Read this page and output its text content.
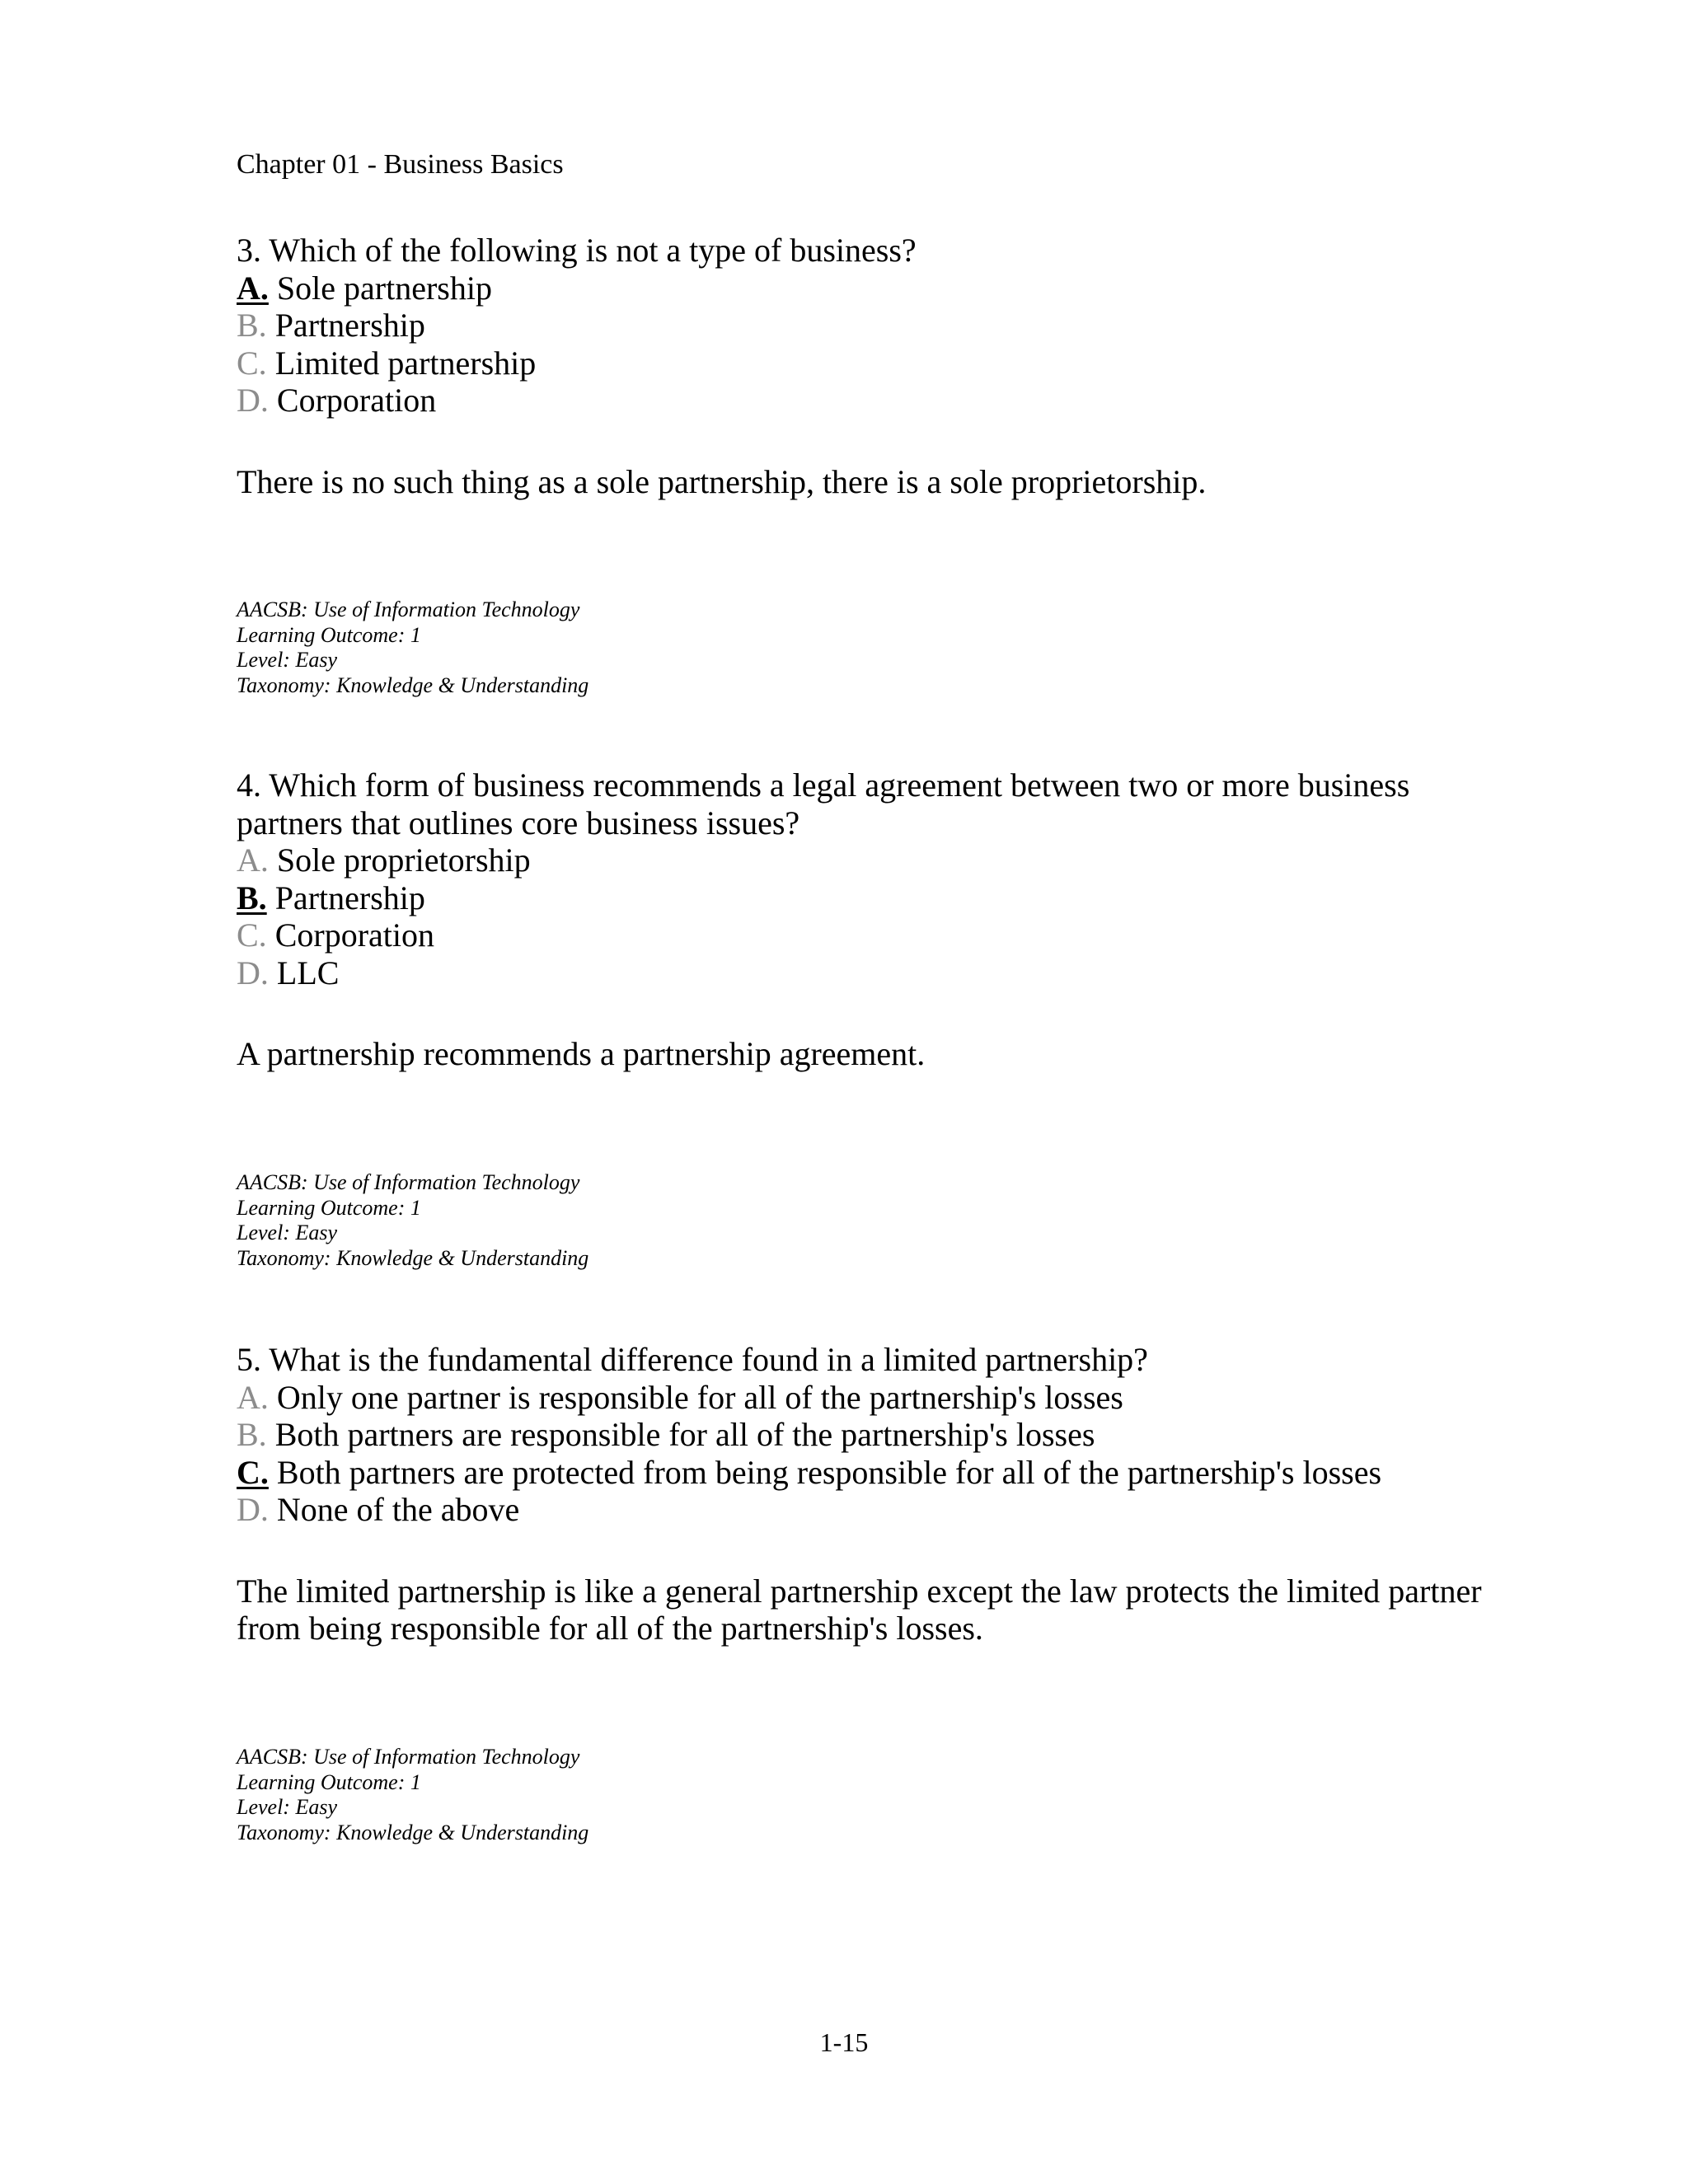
Chapter 01 - Business Basics

3. Which of the following is not a type of business?

A. Sole partnership
B. Partnership
C. Limited partnership
D. Corporation

There is no such thing as a sole partnership, there is a sole proprietorship.

AACSB: Use of Information Technology
Learning Outcome: 1
Level: Easy
Taxonomy: Knowledge & Understanding

4. Which form of business recommends a legal agreement between two or more business partners that outlines core business issues?

A. Sole proprietorship
B. Partnership
C. Corporation
D. LLC

A partnership recommends a partnership agreement.

AACSB: Use of Information Technology
Learning Outcome: 1
Level: Easy
Taxonomy: Knowledge & Understanding

5. What is the fundamental difference found in a limited partnership?

A. Only one partner is responsible for all of the partnership's losses
B. Both partners are responsible for all of the partnership's losses
C. Both partners are protected from being responsible for all of the partnership's losses
D. None of the above

The limited partnership is like a general partnership except the law protects the limited partner from being responsible for all of the partnership's losses.

AACSB: Use of Information Technology
Learning Outcome: 1
Level: Easy
Taxonomy: Knowledge & Understanding
1-15
